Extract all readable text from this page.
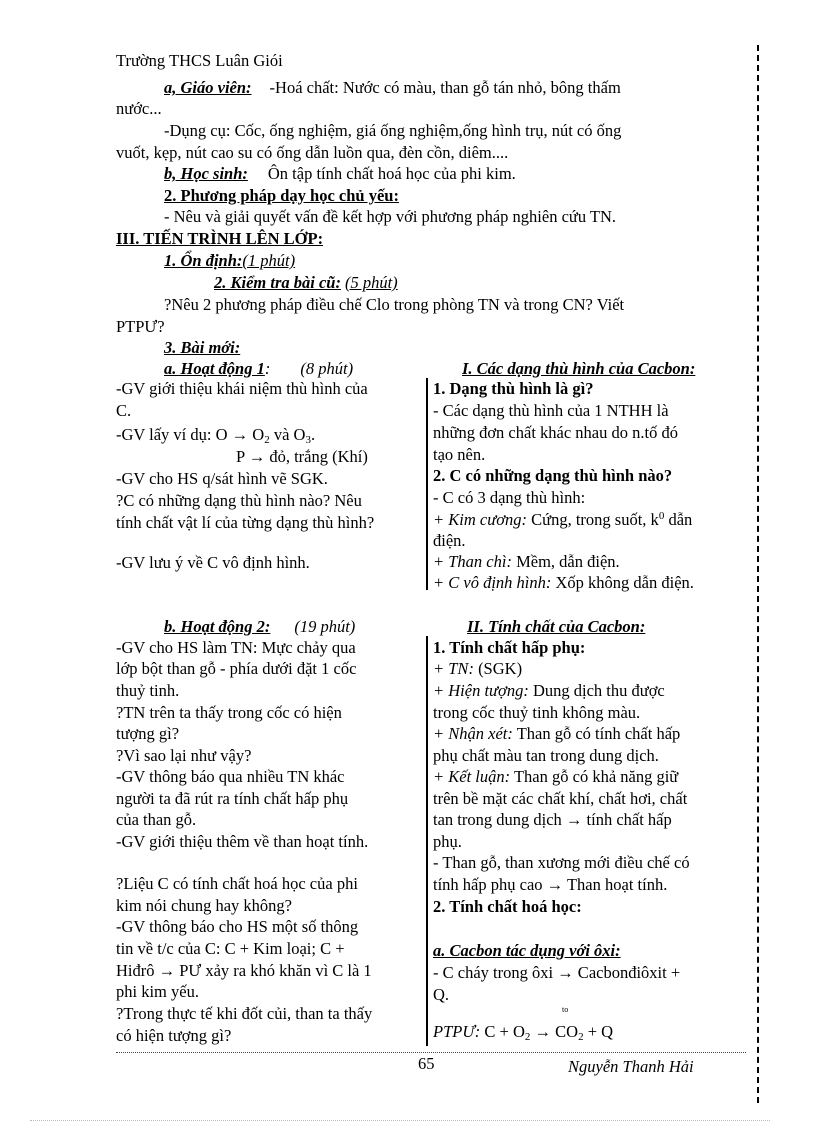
Trường THCS Luân Giói
a, Giáo viên: -Hoá chất: Nước có màu, than gỗ tán nhỏ, bông thấm
nước...
-Dụng cụ: Cốc, ống nghiệm, giá ống nghiệm,ống hình trụ, nút có ống
vuốt, kẹp, nút cao su có ống dẫn luồn qua, đèn cồn, diêm....
b, Học sinh: Ôn tập tính chất hoá học của phi kim.
2. Phương pháp dạy học chủ yếu:
- Nêu và giải quyết vấn đề kết hợp với phương pháp nghiên cứu TN.
III. TIẾN TRÌNH LÊN LỚP:
1. Ổn định:(1 phút)
2. Kiểm tra bài cũ: (5 phút)
?Nêu 2 phương pháp điều chế Clo trong phòng TN và trong CN? Viết
PTPƯ?
3. Bài mới:
a. Hoạt động 1: (8 phút)	I. Các dạng thù hình của Cacbon:
-GV giới thiệu khái niệm thù hình của
C.
-GV lấy ví dụ: $O \to O_2$ và $O_3$.
P → đỏ, trắng (Khí)
-GV cho HS q/sát hình vẽ SGK.
?C có những dạng thù hình nào? Nêu
tính chất vật lí của từng dạng thù hình?
-GV lưu ý về C vô định hình.
1. Dạng thù hình là gì?
- Các dạng thù hình của 1 NTHH là
những đơn chất khác nhau do n.tố đó
tạo nên.
2. C có những dạng thù hình nào?
- C có 3 dạng thù hình:
+ Kim cương: Cứng, trong suốt, $k^0$ dẫn
điện.
+ Than chì: Mềm, dẫn điện.
+ C vô định hình: Xốp không dẫn điện.
b. Hoạt động 2: (19 phút)	II. Tính chất của Cacbon:
-GV cho HS làm TN: Mực chảy qua
lớp bột than gỗ - phía dưới đặt 1 cốc
thuỷ tinh.
?TN trên ta thấy trong cốc có hiện
tượng gì?
?Vì sao lại như vậy?
-GV thông báo qua nhiều TN khác
người ta đã rút ra tính chất hấp phụ
của than gỗ.
-GV giới thiệu thêm về than hoạt tính.
?Liệu C có tính chất hoá học của phi
kim nói chung hay không?
-GV thông báo cho HS một số thông
tin về t/c của C: C + Kim loại; C +
Hiđrô → PƯ xảy ra khó khăn vì C là 1
phi kim yếu.
?Trong thực tế khi đốt củi, than ta thấy
có hiện tượng gì?
1. Tính chất hấp phụ:
+ TN: (SGK)
+ Hiện tượng: Dung dịch thu được
trong cốc thuỷ tinh không màu.
+ Nhận xét: Than gỗ có tính chất hấp
phụ chất màu tan trong dung dịch.
+ Kết luận: Than gỗ có khả năng giữ
trên bề mặt các chất khí, chất hơi, chất
tan trong dung dịch → tính chất hấp
phụ.
- Than gỗ, than xương mới điều chế có
tính hấp phụ cao → Than hoạt tính.
2. Tính chất hoá học:
a. Cacbon tác dụng với ôxi:
- C cháy trong ôxi → Cacbonđiôxit +
Q.
to
PTPƯ: $C + O_2 \to CO_2 + Q$
65	Nguyễn Thanh Hải
